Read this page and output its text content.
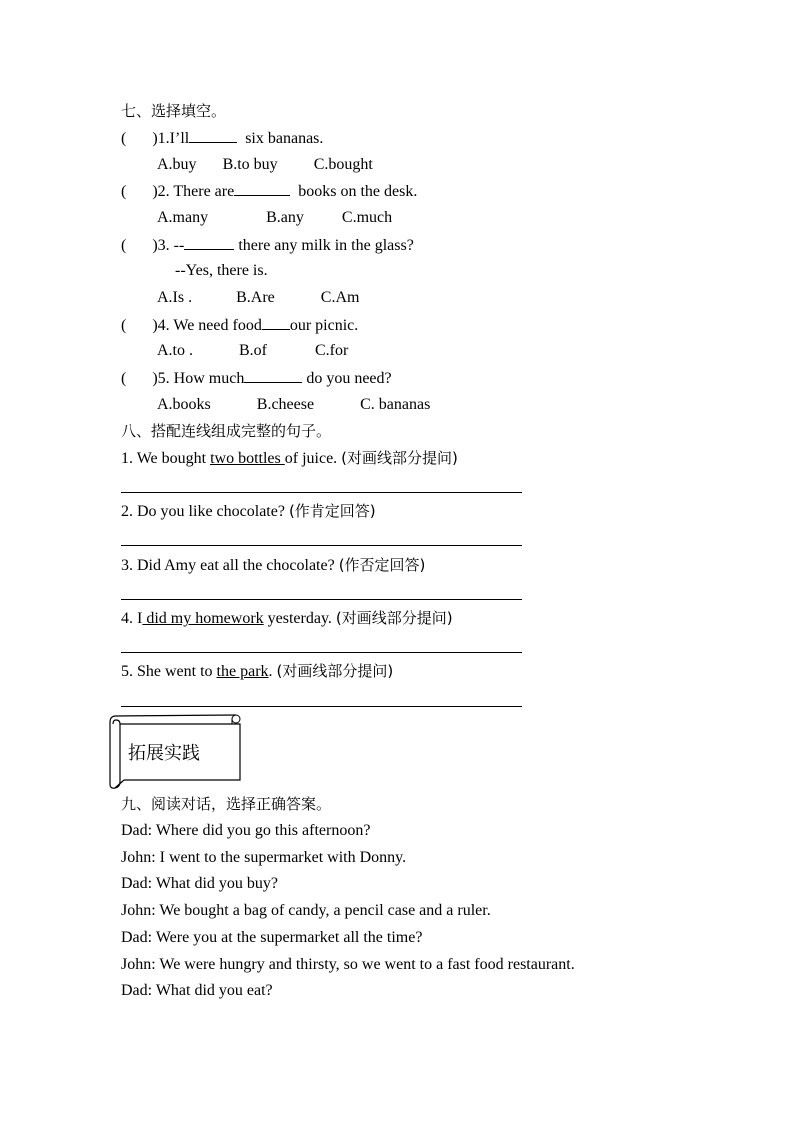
七、选择填空。
( )1.I’ll	six bananas.
A.buy B.to buy C.bought
( )2. There are	books on the desk.
A.many	B.any C.much
( )3. --	there any milk in the glass?
--Yes, there is.
A.Is .	B.Are	C.Am
( )4. We need food our picnic.
A.to .	B.of	C.for
( )5. How much	do you need?
A.books	B.cheese	C. bananas
八、搭配连线组成完整的句子。
1. We bought two bottles of juice. (对画线部分提问)
2. Do you like chocolate? (作肯定回答)
3. Did Amy eat all the chocolate? (作否定回答)
4. I did my homework yesterday. (对画线部分提问)
5. She went to the park. (对画线部分提问)
拓展实践
九、阅读对话，选择正确答案。
Dad: Where did you go this afternoon?
John: I went to the supermarket with Donny.
Dad: What did you buy?
John: We bought a bag of candy, a pencil case and a ruler.
Dad: Were you at the supermarket all the time?
John: We were hungry and thirsty, so we went to a fast food restaurant.
Dad: What did you eat?
